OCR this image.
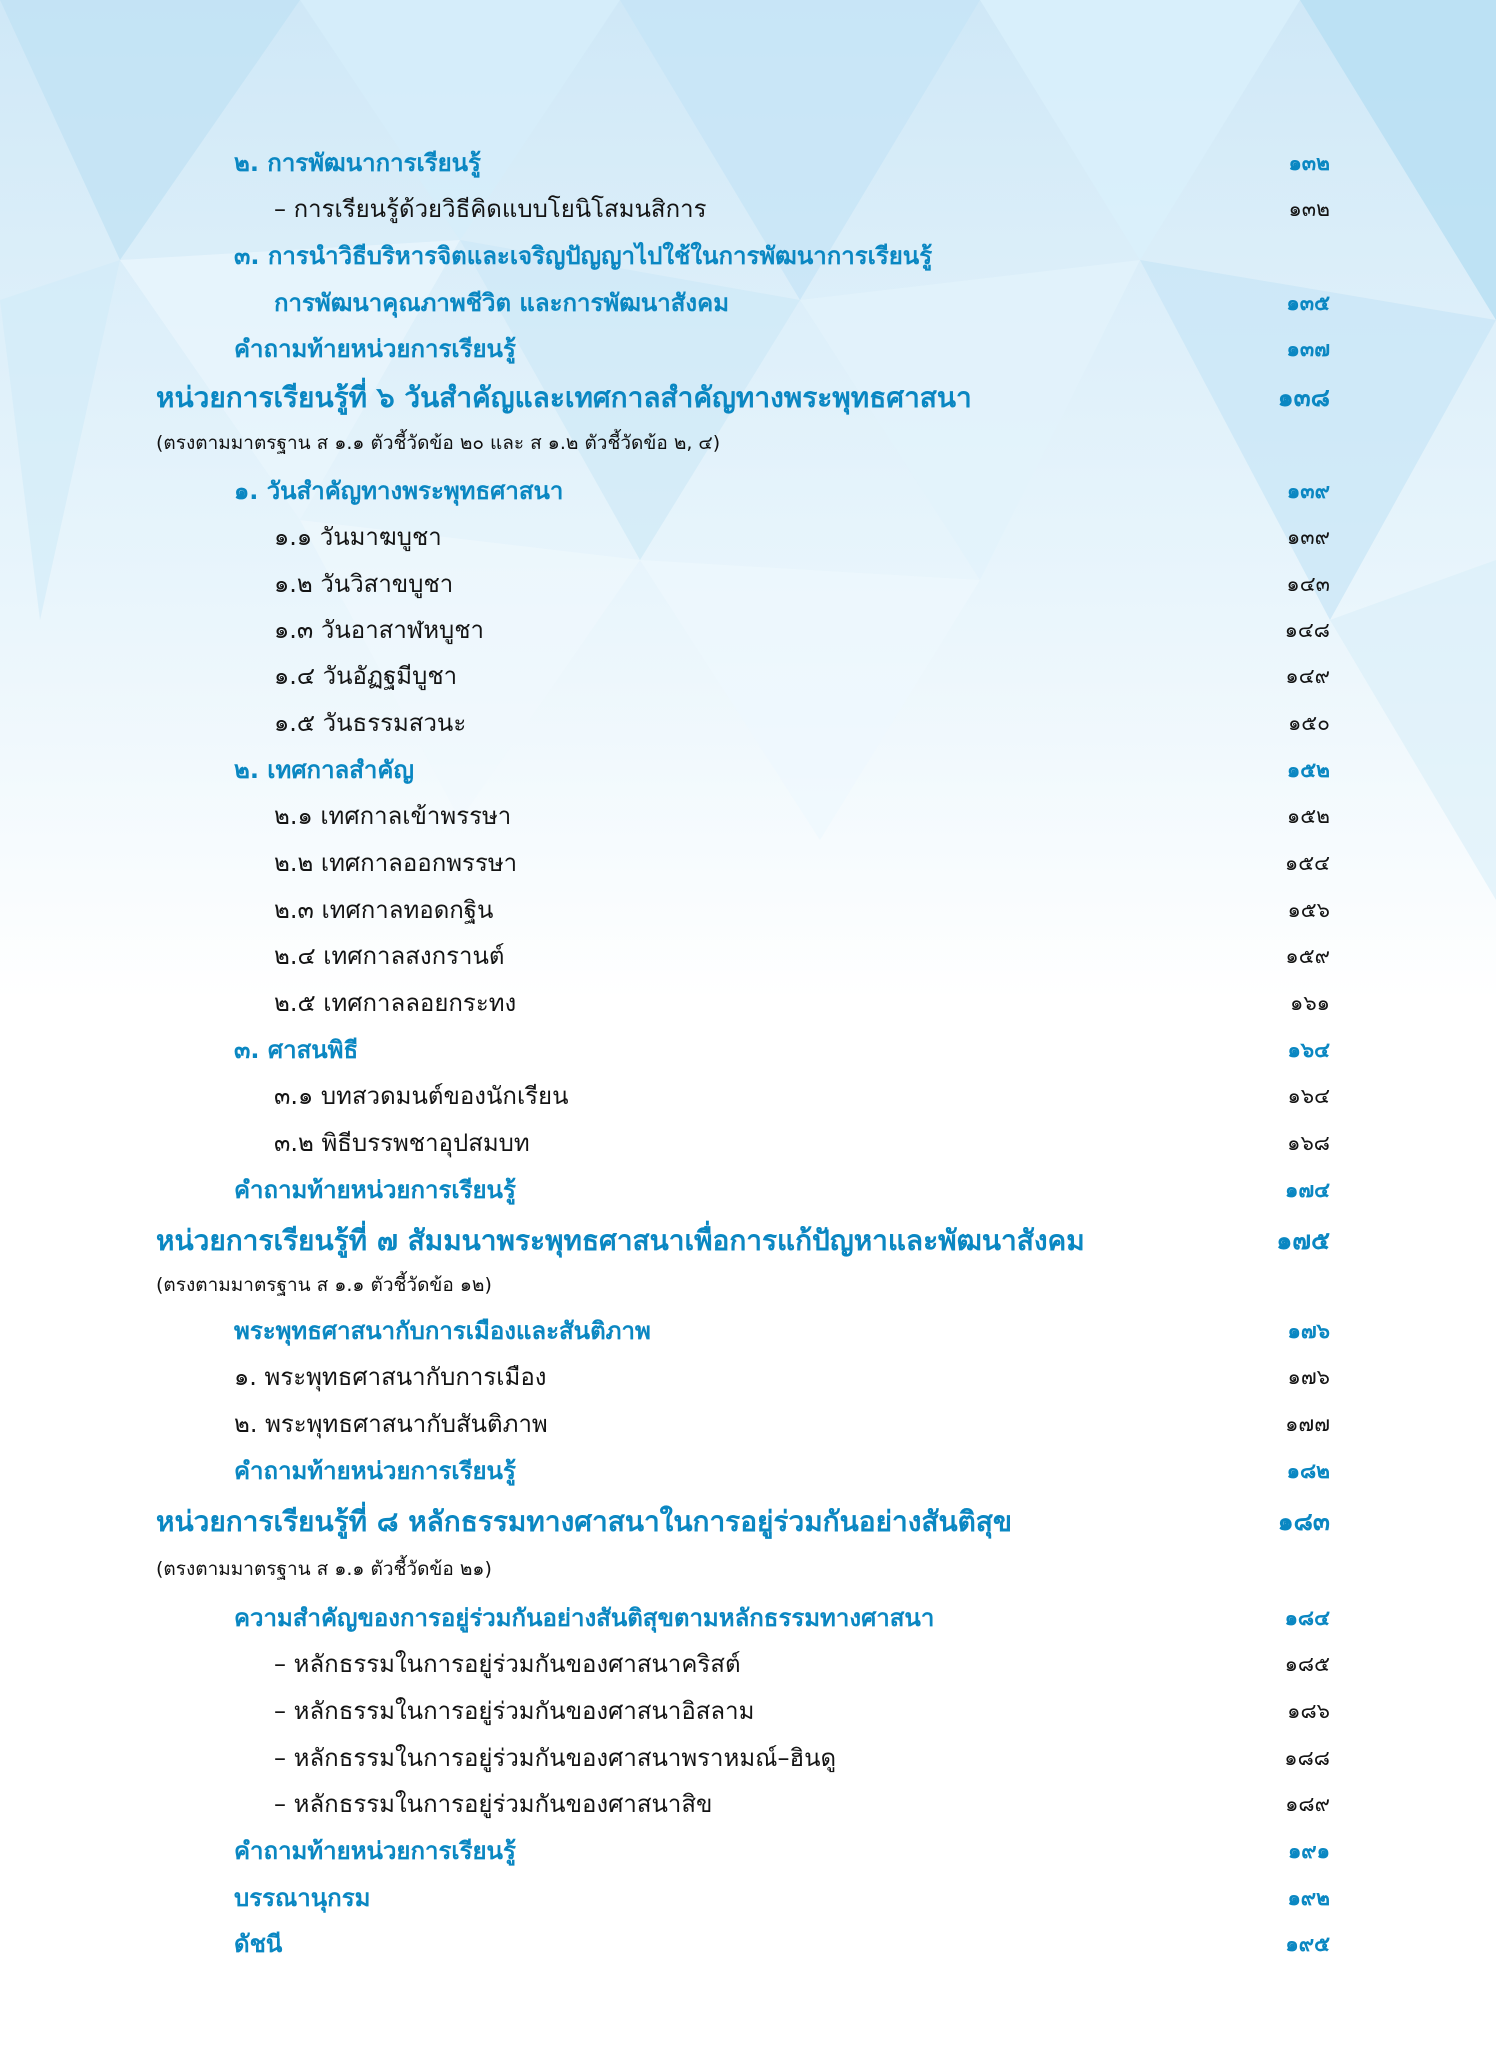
๒. การพัฒนาการเรียนรู้	๑๓๒
– การเรียนรู้ด้วยวิธีคิดแบบโยนิโสมนสิการ	๑๓๒
๓. การนำวิธีบริหารจิตและเจริญปัญญาไปใช้ในการพัฒนาการเรียนรู้
การพัฒนาคุณภาพชีวิต และการพัฒนาสังคม	๑๓๕
คำถามท้ายหน่วยการเรียนรู้	๑๓๗
หน่วยการเรียนรู้ที่ ๖ วันสำคัญและเทศกาลสำคัญทางพระพุทธศาสนา	๑๓๘
(ตรงตามมาตรฐาน ส ๑.๑ ตัวชี้วัดข้อ ๒๐ และ ส ๑.๒ ตัวชี้วัดข้อ ๒, ๔)
๑. วันสำคัญทางพระพุทธศาสนา	๑๓๙
๑.๑ วันมาฆบูชา	๑๓๙
๑.๒ วันวิสาขบูชา	๑๔๓
๑.๓ วันอาสาฬหบูชา	๑๔๘
๑.๔ วันอัฏฐมีบูชา	๑๔๙
๑.๕ วันธรรมสวนะ	๑๕๐
๒. เทศกาลสำคัญ	๑๕๒
๒.๑ เทศกาลเข้าพรรษา	๑๕๒
๒.๒ เทศกาลออกพรรษา	๑๕๔
๒.๓ เทศกาลทอดกฐิน	๑๕๖
๒.๔ เทศกาลสงกรานต์	๑๕๙
๒.๕ เทศกาลลอยกระทง	๑๖๑
๓. ศาสนพิธี	๑๖๔
๓.๑ บทสวดมนต์ของนักเรียน	๑๖๔
๓.๒ พิธีบรรพชาอุปสมบท	๑๖๘
คำถามท้ายหน่วยการเรียนรู้	๑๗๔
หน่วยการเรียนรู้ที่ ๗ สัมมนาพระพุทธศาสนาเพื่อการแก้ปัญหาและพัฒนาสังคม	๑๗๕
(ตรงตามมาตรฐาน ส ๑.๑ ตัวชี้วัดข้อ ๑๒)
พระพุทธศาสนากับการเมืองและสันติภาพ	๑๗๖
๑. พระพุทธศาสนากับการเมือง	๑๗๖
๒. พระพุทธศาสนากับสันติภาพ	๑๗๗
คำถามท้ายหน่วยการเรียนรู้	๑๘๒
หน่วยการเรียนรู้ที่ ๘ หลักธรรมทางศาสนาในการอยู่ร่วมกันอย่างสันติสุข	๑๘๓
(ตรงตามมาตรฐาน ส ๑.๑ ตัวชี้วัดข้อ ๒๑)
ความสำคัญของการอยู่ร่วมกันอย่างสันติสุขตามหลักธรรมทางศาสนา	๑๘๔
– หลักธรรมในการอยู่ร่วมกันของศาสนาคริสต์	๑๘๕
– หลักธรรมในการอยู่ร่วมกันของศาสนาอิสลาม	๑๘๖
– หลักธรรมในการอยู่ร่วมกันของศาสนาพราหมณ์–ฮินดู	๑๘๘
– หลักธรรมในการอยู่ร่วมกันของศาสนาสิข	๑๘๙
คำถามท้ายหน่วยการเรียนรู้	๑๙๑
บรรณานุกรม	๑๙๒
ดัชนี	๑๙๕
